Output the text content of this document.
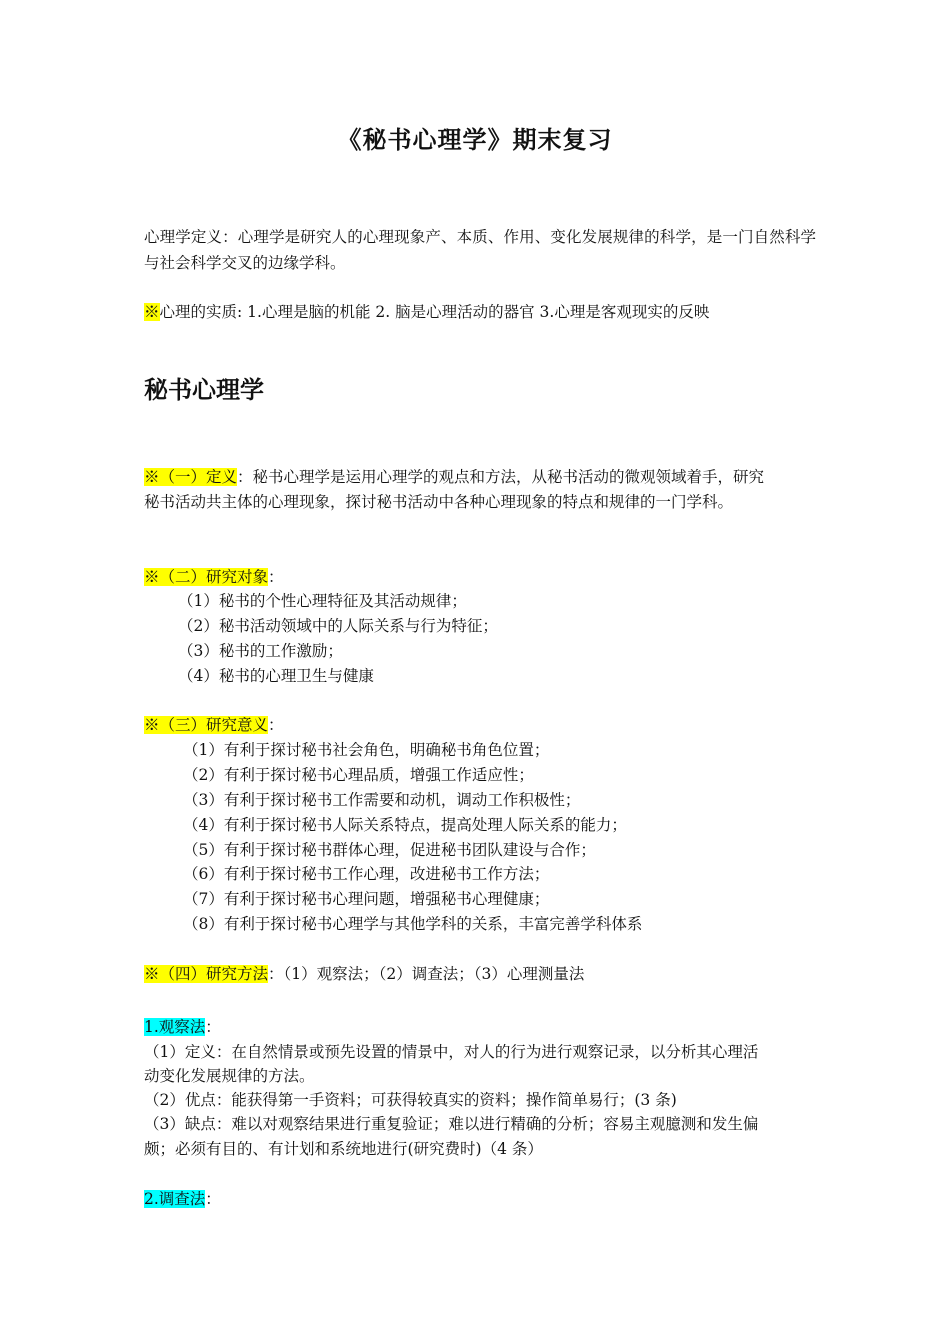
《秘书心理学》期末复习
心理学定义：心理学是研究人的心理现象产、本质、作用、变化发展规律的科学，是一门自然科学与社会科学交叉的边缘学科。
※心理的实质: 1.心理是脑的机能 2. 脑是心理活动的器官 3.心理是客观现实的反映
秘书心理学
※（一）定义：秘书心理学是运用心理学的观点和方法，从秘书活动的微观领域着手，研究
秘书活动共主体的心理现象，探讨秘书活动中各种心理现象的特点和规律的一门学科。
※（二）研究对象：
（1）秘书的个性心理特征及其活动规律；
（2）秘书活动领域中的人际关系与行为特征；
（3）秘书的工作激励；
（4）秘书的心理卫生与健康
※（三）研究意义：
（1）有利于探讨秘书社会角色，明确秘书角色位置；
（2）有利于探讨秘书心理品质，增强工作适应性；
（3）有利于探讨秘书工作需要和动机，调动工作积极性；
（4）有利于探讨秘书人际关系特点，提高处理人际关系的能力；
（5）有利于探讨秘书群体心理，促进秘书团队建设与合作；
（6）有利于探讨秘书工作心理，改进秘书工作方法；
（7）有利于探讨秘书心理问题，增强秘书心理健康；
（8）有利于探讨秘书心理学与其他学科的关系，丰富完善学科体系
※（四）研究方法：（1）观察法；（2）调查法；（3）心理测量法
1.观察法：
（1）定义：在自然情景或预先设置的情景中，对人的行为进行观察记录，以分析其心理活
动变化发展规律的方法。
（2）优点：能获得第一手资料；可获得较真实的资料；操作简单易行；(3 条)
（3）缺点：难以对观察结果进行重复验证；难以进行精确的分析；容易主观臆测和发生偏
颇；必须有目的、有计划和系统地进行(研究费时)（4 条）
2.调查法：
